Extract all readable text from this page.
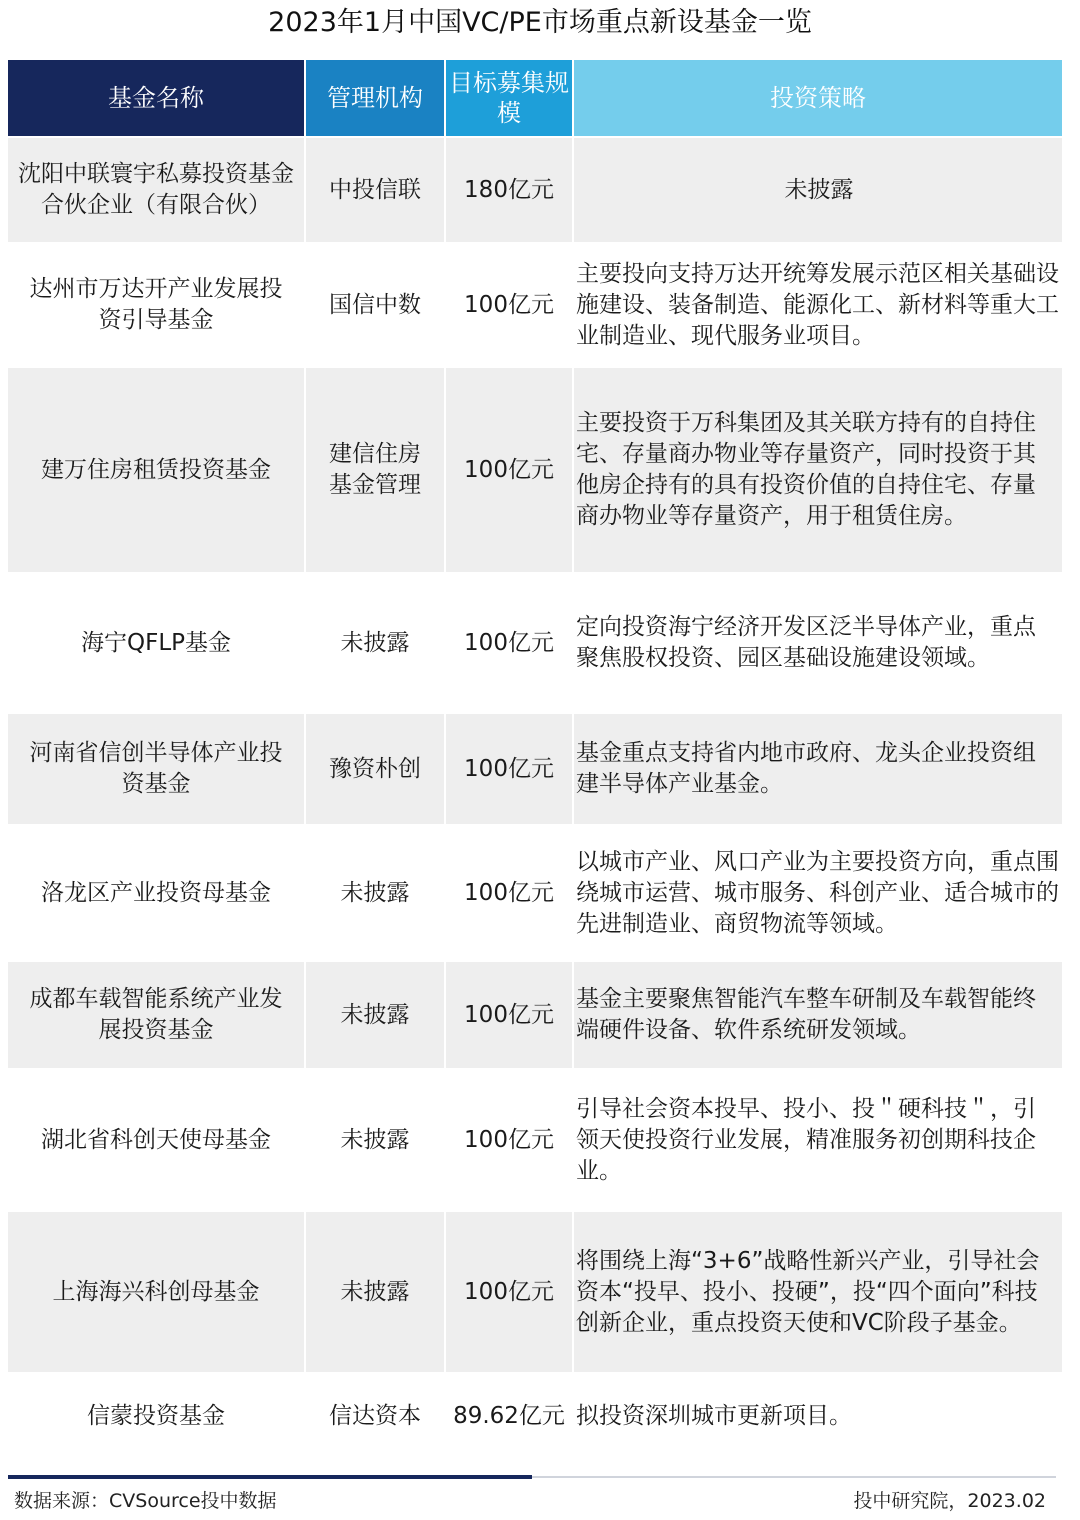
2023年1月中国VC/PE市场重点新设基金一览
基金名称	管理机构	目标募集规模	投资策略
沈阳中联寰宇私募投资基金合伙企业（有限合伙）	中投信联	180亿元	未披露
达州市万达开产业发展投资引导基金	国信中数	100亿元	主要投向支持万达开统筹发展示范区相关基础设施建设、装备制造、能源化工、新材料等重大工业制造业、现代服务业项目。
建万住房租赁投资基金	建信住房基金管理	100亿元	主要投资于万科集团及其关联方持有的自持住宅、存量商办物业等存量资产，同时投资于其他房企持有的具有投资价值的自持住宅、存量商办物业等存量资产，用于租赁住房。
海宁QFLP基金	未披露	100亿元	定向投资海宁经济开发区泛半导体产业，重点聚焦股权投资、园区基础设施建设领域。
河南省信创半导体产业投资基金	豫资朴创	100亿元	基金重点支持省内地市政府、龙头企业投资组建半导体产业基金。
洛龙区产业投资母基金	未披露	100亿元	以城市产业、风口产业为主要投资方向，重点围绕城市运营、城市服务、科创产业、适合城市的先进制造业、商贸物流等领域。
成都车载智能系统产业发展投资基金	未披露	100亿元	基金主要聚焦智能汽车整车研制及车载智能终端硬件设备、软件系统研发领域。
湖北省科创天使母基金	未披露	100亿元	引导社会资本投早、投小、投＂硬科技＂，引领天使投资行业发展，精准服务初创期科技企业。
上海海兴科创母基金	未披露	100亿元	将围绕上海“3+6”战略性新兴产业，引导社会资本“投早、投小、投硬”，投“四个面向”科技创新企业，重点投资天使和VC阶段子基金。
信蒙投资基金	信达资本	89.62亿元	拟投资深圳城市更新项目。
数据来源：CVSource投中数据	投中研究院，2023.02
